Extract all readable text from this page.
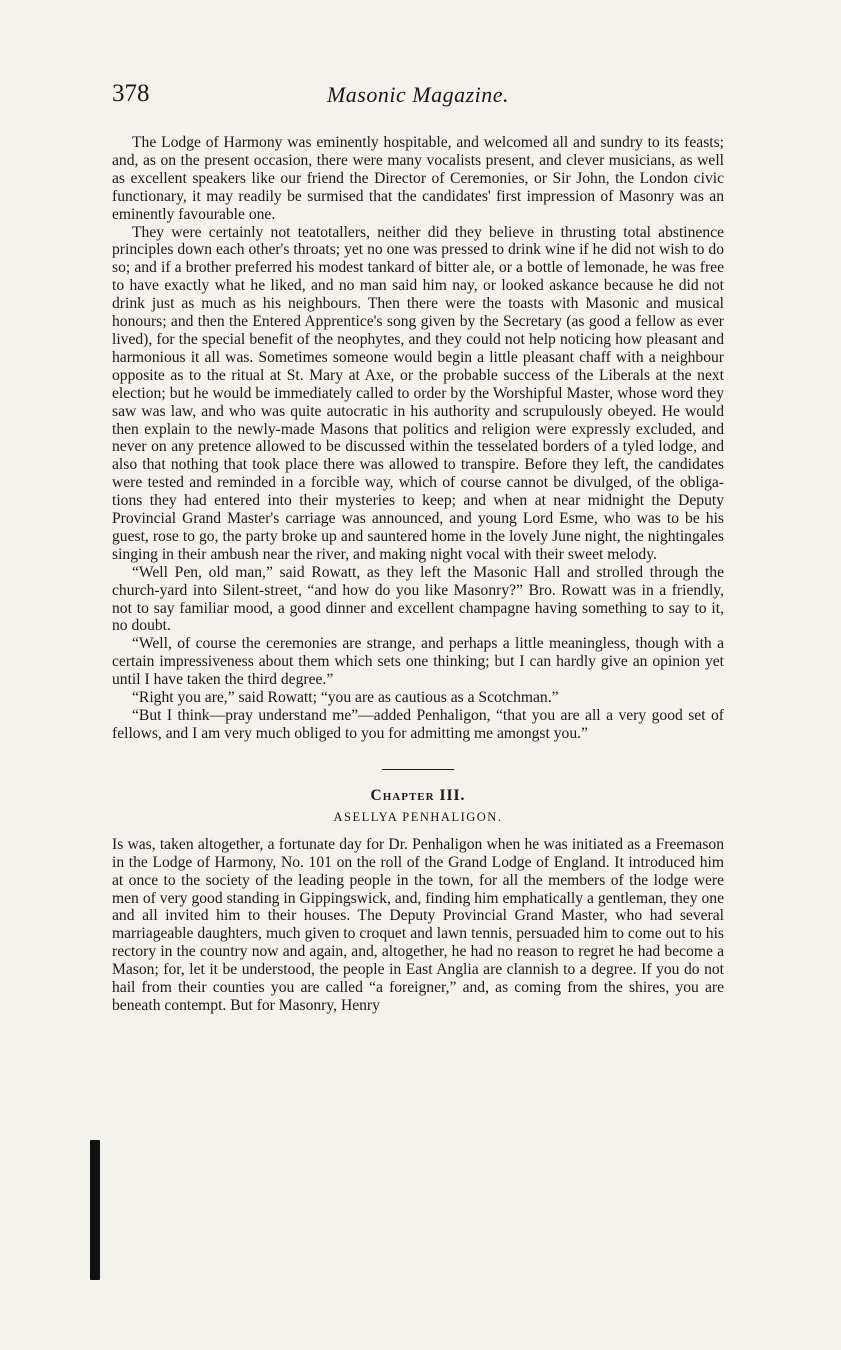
378	Masonic Magazine.

The Lodge of Harmony was eminently hospitable, and welcomed all and sundry to its feasts; and, as on the present occasion, there were many vocalists present, and clever musicians, as well as excellent speakers like our friend the Director of Ceremonies, or Sir John, the London civic functionary, it may readily be surmised that the candidates' first impression of Masonry was an eminently favourable one.

They were certainly not teatotallers, neither did they believe in thrusting total abstinence principles down each other's throats; yet no one was pressed to drink wine if he did not wish to do so; and if a brother preferred his modest tankard of bitter ale, or a bottle of lemonade, he was free to have exactly what he liked, and no man said him nay, or looked askance because he did not drink just as much as his neighbours. Then there were the toasts with Masonic and musical honours; and then the Entered Apprentice's song given by the Secretary (as good a fellow as ever lived), for the special benefit of the neophytes, and they could not help noticing how pleasant and harmonious it all was. Sometimes someone would begin a little pleasant chaff with a neighbour opposite as to the ritual at St. Mary at Axe, or the probable success of the Liberals at the next election; but he would be immediately called to order by the Worshipful Master, whose word they saw was law, and who was quite autocratic in his authority and scrupulously obeyed. He would then explain to the newly-made Masons that politics and religion were expressly excluded, and never on any pretence allowed to be discussed within the tesselated borders of a tyled lodge, and also that nothing that took place there was allowed to transpire. Before they left, the candidates were tested and reminded in a forcible way, which of course cannot be divulged, of the obligations they had entered into their mysteries to keep; and when at near midnight the Deputy Provincial Grand Master's carriage was announced, and young Lord Esme, who was to be his guest, rose to go, the party broke up and sauntered home in the lovely June night, the nightingales singing in their ambush near the river, and making night vocal with their sweet melody.

“Well Pen, old man,” said Rowatt, as they left the Masonic Hall and strolled through the church-yard into Silent-street, “and how do you like Masonry?” Bro. Rowatt was in a friendly, not to say familiar mood, a good dinner and excellent champagne having something to say to it, no doubt.

“Well, of course the ceremonies are strange, and perhaps a little meaningless, though with a certain impressiveness about them which sets one thinking; but I can hardly give an opinion yet until I have taken the third degree.”

“Right you are,” said Rowatt; “you are as cautious as a Scotchman.”

“But I think—pray understand me”—added Penhaligon, “that you are all a very good set of fellows, and I am very much obliged to you for admitting me amongst you.”

Chapter III.
ASELLYA PENHALIGON.

Is was, taken altogether, a fortunate day for Dr. Penhaligon when he was initiated as a Freemason in the Lodge of Harmony, No. 101 on the roll of the Grand Lodge of England. It introduced him at once to the society of the leading people in the town, for all the members of the lodge were men of very good standing in Gippingswick, and, finding him emphatically a gentleman, they one and all invited him to their houses. The Deputy Provincial Grand Master, who had several marriageable daughters, much given to croquet and lawn tennis, persuaded him to come out to his rectory in the country now and again, and, altogether, he had no reason to regret he had become a Mason; for, let it be understood, the people in East Anglia are clannish to a degree. If you do not hail from their counties you are called “a foreigner,” and, as coming from the shires, you are beneath contempt. But for Masonry, Henry
